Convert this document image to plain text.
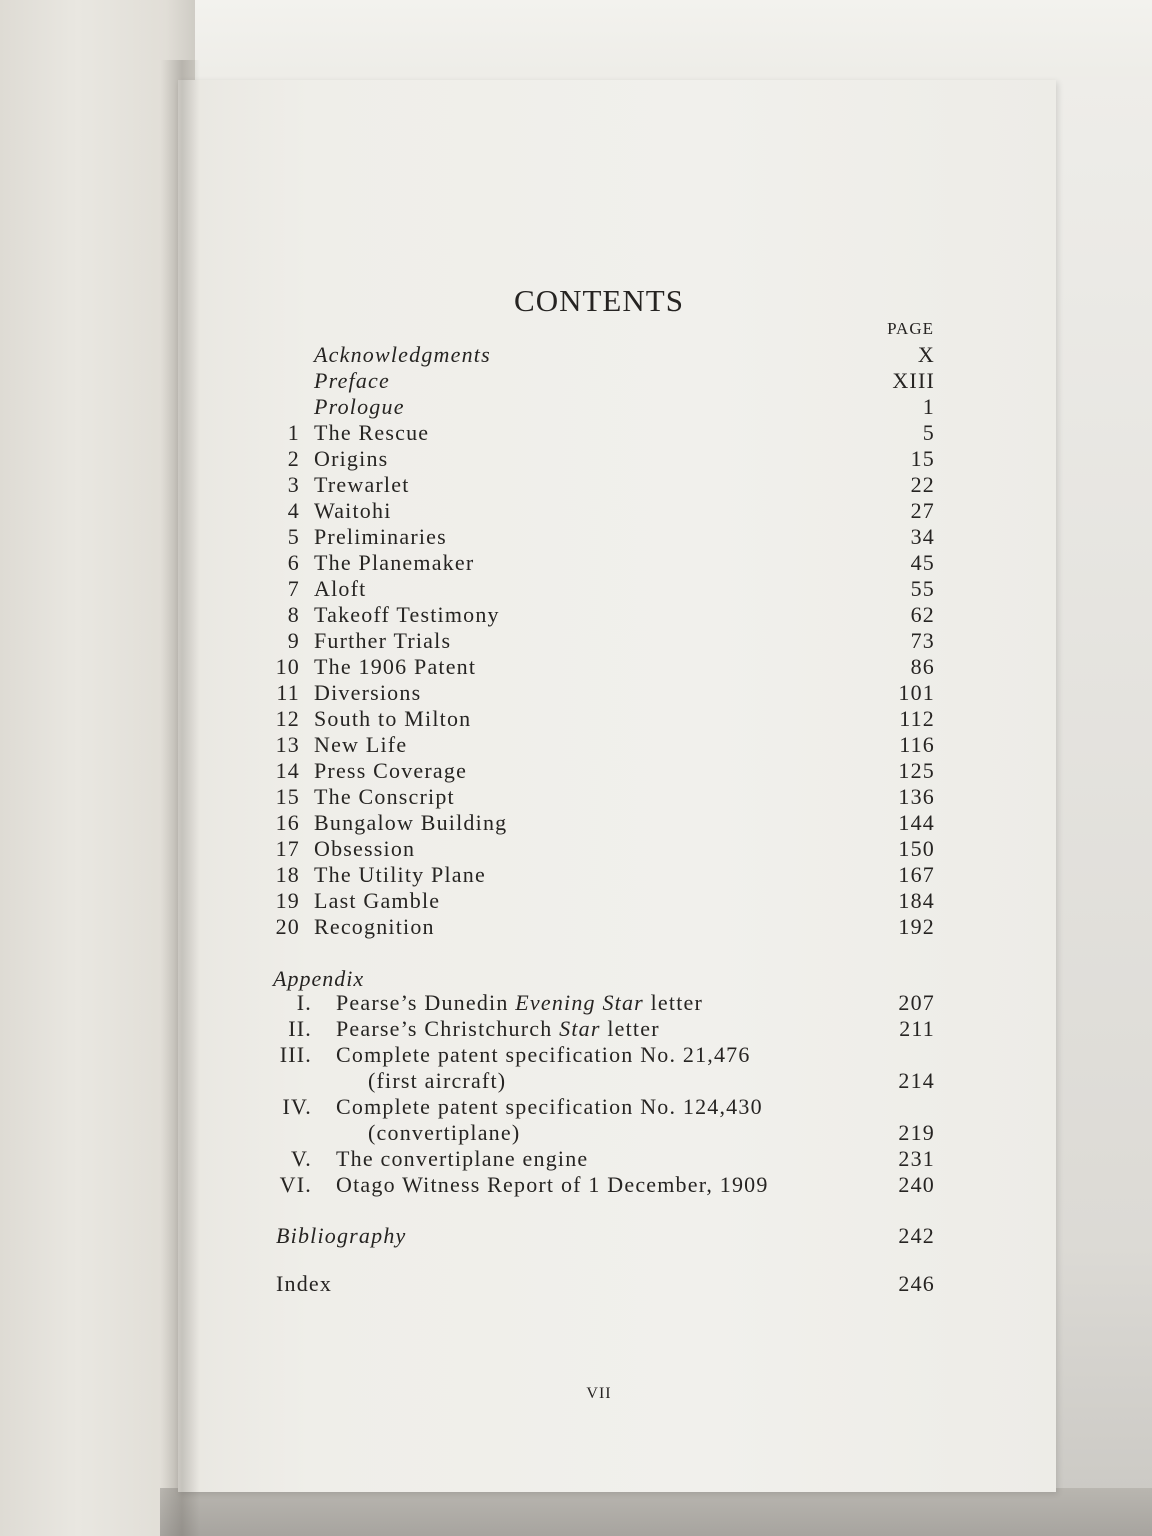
CONTENTS
PAGE
Acknowledgments	X
Preface	XIII
Prologue	1
1 The Rescue	5
2 Origins	15
3 Trewarlet	22
4 Waitohi	27
5 Preliminaries	34
6 The Planemaker	45
7 Aloft	55
8 Takeoff Testimony	62
9 Further Trials	73
10 The 1906 Patent	86
11 Diversions	101
12 South to Milton	112
13 New Life	116
14 Press Coverage	125
15 The Conscript	136
16 Bungalow Building	144
17 Obsession	150
18 The Utility Plane	167
19 Last Gamble	184
20 Recognition	192
Appendix
I. Pearse’s Dunedin Evening Star letter	207
II. Pearse’s Christchurch Star letter	211
III. Complete patent specification No. 21,476
(first aircraft)	214
IV. Complete patent specification No. 124,430
(convertiplane)	219
V. The convertiplane engine	231
VI. Otago Witness Report of 1 December, 1909	240
Bibliography	242
Index	246
VII
